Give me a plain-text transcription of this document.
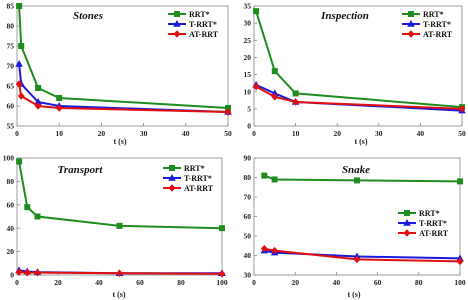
55
60
65
70
75
80
85
0	10	20	30	40	50
t (s)
Stones	RRT*
T-RRT*
AT-RRT
0
5
10
15
20
25
30
35
0	10	20	30	40	50
t (s)
Inspection	RRT*
T-RRT*
AT-RRT
0
20
40
60
80
100
0	20	40	60	80	100
t (s)
Transport	RRT*
T-RRT*
AT-RRT
30
40
50
60
70
80
90
0	20	40	60	80	100
t (s)
Snake
RRT*
T-RRT*
AT-RRT
